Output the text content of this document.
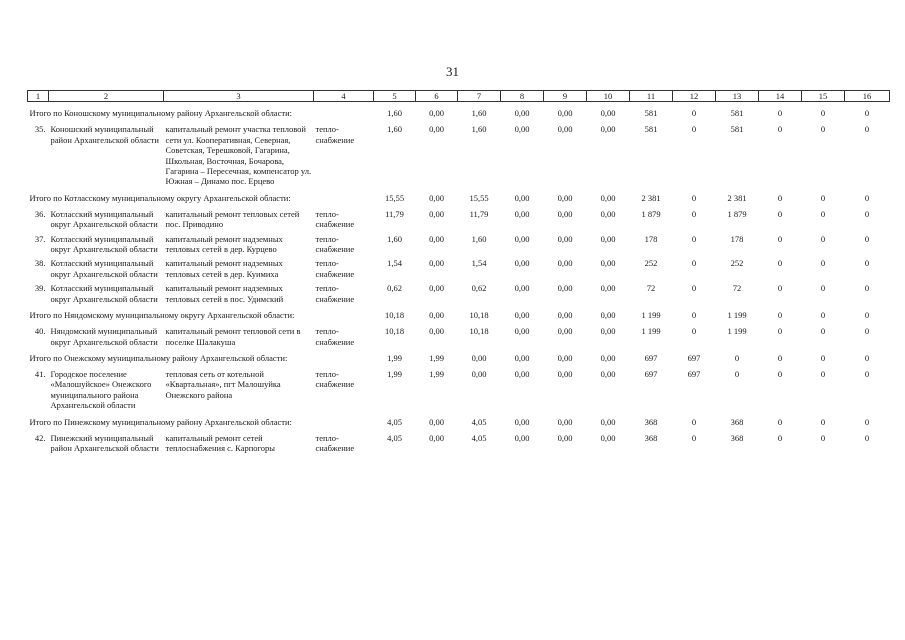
31
1	2	3	4	5	6	7	8	9	10	11	12	13	14	15	16
Итого по Коношскому муниципальному району Архангельской области:				1,60	0,00	1,60	0,00	0,00	0,00	581	0	581	0	0	0
35.	Коношский муниципальный район Архангельской области	капитальный ремонт участка тепловой сети ул. Кооперативная, Северная, Советская, Терешковой, Гагарина, Школьная, Восточная, Бочарова, Гагарина – Пересечная, компенсатор ул. Южная – Динамо пос. Ерцево	тепло-снабжение	1,60	0,00	1,60	0,00	0,00	0,00	581	0	581	0	0	0
Итого по Котласскому муниципальному округу Архангельской области:				15,55	0,00	15,55	0,00	0,00	0,00	2 381	0	2 381	0	0	0
36.	Котласский муниципальный округ Архангельской области	капитальный ремонт тепловых сетей пос. Приводино	тепло-снабжение	11,79	0,00	11,79	0,00	0,00	0,00	1 879	0	1 879	0	0	0
37.	Котласский муниципальный округ Архангельской области	капитальный ремонт надземных тепловых сетей в дер. Курцево	тепло-снабжение	1,60	0,00	1,60	0,00	0,00	0,00	178	0	178	0	0	0
38.	Котласский муниципальный округ Архангельской области	капитальный ремонт надземных тепловых сетей в дер. Куимиха	тепло-снабжение	1,54	0,00	1,54	0,00	0,00	0,00	252	0	252	0	0	0
39.	Котласский муниципальный округ Архангельской области	капитальный ремонт надземных тепловых сетей в пос. Удимский	тепло-снабжение	0,62	0,00	0,62	0,00	0,00	0,00	72	0	72	0	0	0
Итого по Няндомскому муниципальному округу Архангельской области:				10,18	0,00	10,18	0,00	0,00	0,00	1 199	0	1 199	0	0	0
40.	Няндомский муниципальный округ Архангельской области	капитальный ремонт тепловой сети в поселке Шалакуша	тепло-снабжение	10,18	0,00	10,18	0,00	0,00	0,00	1 199	0	1 199	0	0	0
Итого по Онежскому муниципальному району Архангельской области:				1,99	1,99	0,00	0,00	0,00	0,00	697	697	0	0	0	0
41.	Городское поселение «Малошуйское» Онежского муниципального района Архангельской области	тепловая сеть от котельной «Квартальная», пгт Малошуйка Онежского района	тепло-снабжение	1,99	1,99	0,00	0,00	0,00	0,00	697	697	0	0	0	0
Итого по Пинежскому муниципальному району Архангельской области:				4,05	0,00	4,05	0,00	0,00	0,00	368	0	368	0	0	0
42.	Пинежский муниципальный район Архангельской области	капитальный ремонт сетей теплоснабжения с. Карпогоры	тепло-снабжение	4,05	0,00	4,05	0,00	0,00	0,00	368	0	368	0	0	0
